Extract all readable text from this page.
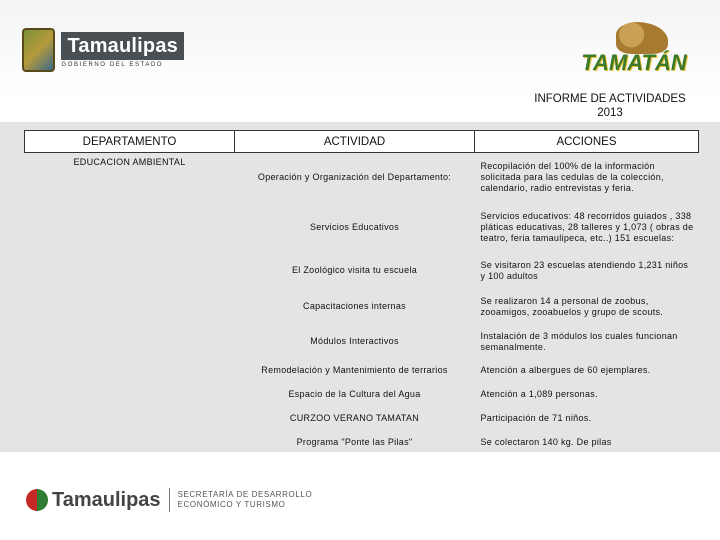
Tamaulipas
GOBIERNO DEL ESTADO	TAMATÁN
INFORME DE ACTIVIDADES
2013
DEPARTAMENTO	ACTIVIDAD	ACCIONES
EDUCACION AMBIENTAL	Operación y Organización del Departamento:	Recopilación del 100% de la información solicitada para las cedulas de la colección, calendario, radio entrevistas y feria.
	Servicios Educativos	Servicios educativos: 48 recorridos guiados , 338 pláticas educativas, 28 talleres y 1,073 ( obras de teatro, feria tamaulipeca, etc..) 151 escuelas:
	El Zoológico visita tu escuela	Se visitaron 23 escuelas atendiendo 1,231 niños y 100 adultos
	Capacitaciones internas	Se realizaron 14 a personal de zoobus, zooamigos, zooabuelos y grupo de scouts.
	Módulos Interactivos	Instalación de 3 módulos los cuales funcionan semanalmente.
	Remodelación y Mantenimiento de terrarios	Atención a albergues de 60 ejemplares.
	Espacio de la Cultura del Agua	Atención a 1,089 personas.
	CURZOO VERANO TAMATAN	Participación de 71 niños.
	Programa "Ponte las Pilas"	Se colectaron 140 kg. De pilas
Tamaulipas SECRETARÍA DE DESARROLLO
ECONÓMICO Y TURISMO
